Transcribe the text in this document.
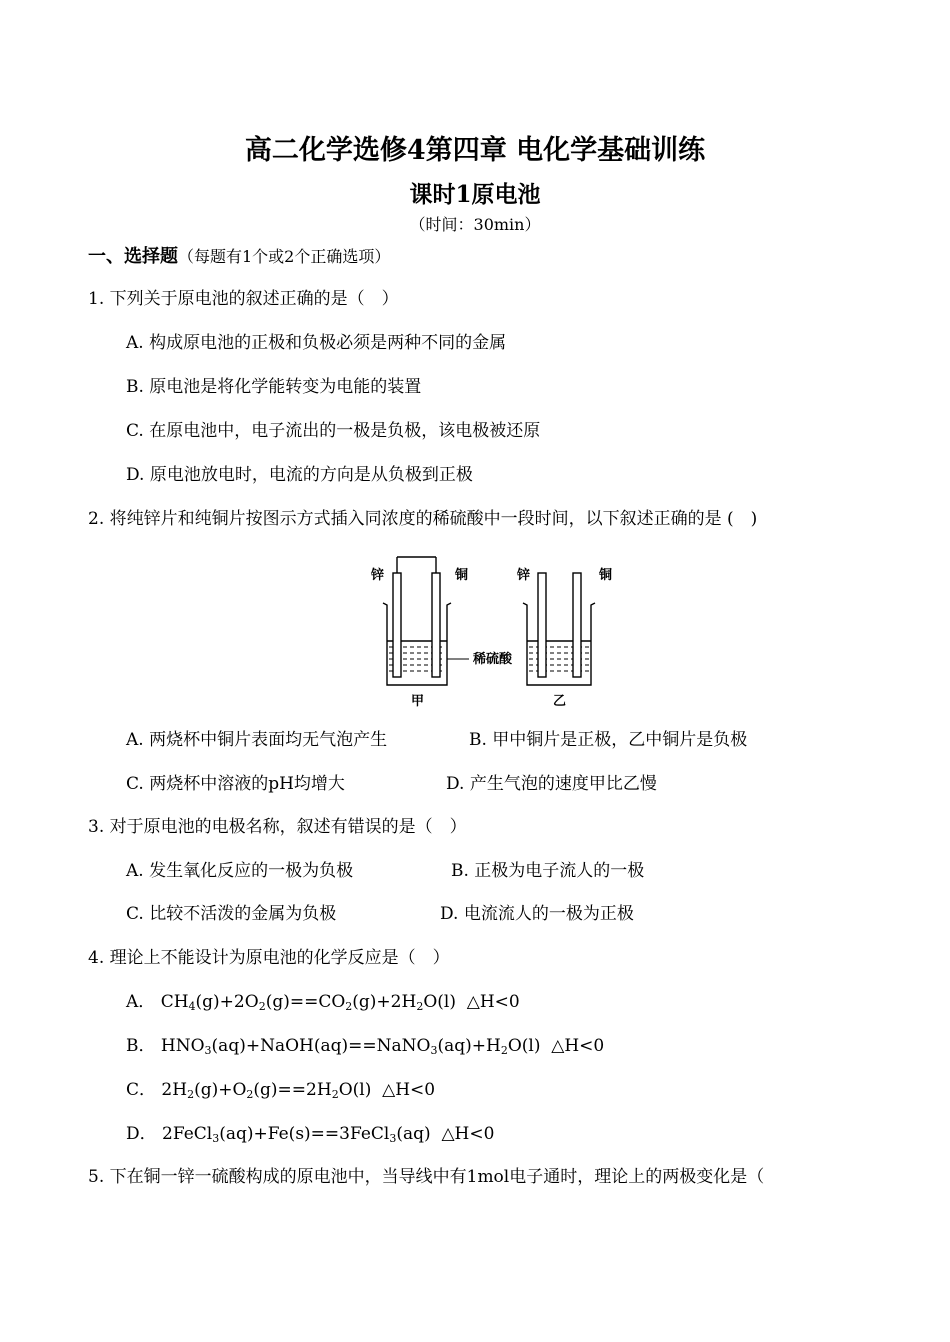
高二化学选修4第四章 电化学基础训练
课时1原电池
（时间：30min）
一、选择题（每题有1个或2个正确选项）
1. 下列关于原电池的叙述正确的是（　）
A. 构成原电池的正极和负极必须是两种不同的金属
B. 原电池是将化学能转变为电能的装置
C. 在原电池中，电子流出的一极是负极，该电极被还原
D. 原电池放电时，电流的方向是从负极到正极
2. 将纯锌片和纯铜片按图示方式插入同浓度的稀硫酸中一段时间，以下叙述正确的是 (　)
锌	铜	锌	铜
稀硫酸
甲	乙
A. 两烧杯中铜片表面均无气泡产生	B. 甲中铜片是正极，乙中铜片是负极
C. 两烧杯中溶液的pH均增大	D. 产生气泡的速度甲比乙慢
3. 对于原电池的电极名称，叙述有错误的是（　）
A. 发生氧化反应的一极为负极	B. 正极为电子流人的一极
C. 比较不活泼的金属为负极	D. 电流流人的一极为正极
4. 理论上不能设计为原电池的化学反应是（　）
A． $CH_4(g)+2O_2(g)==CO_2(g)+2H_2O(l)$ △H<0
B． $HNO_3(aq)+NaOH(aq)==NaNO_3(aq)+H_2O(l)$ △H<0
C． $2H_2(g)+O_2(g)==2H_2O(l)$ △H<0
D． 2FeCl$_3$(aq)+Fe(s)==3FeCl$_3$(aq) △H<0
5. 下在铜一锌一硫酸构成的原电池中，当导线中有1mol电子通时，理论上的两极变化是（
